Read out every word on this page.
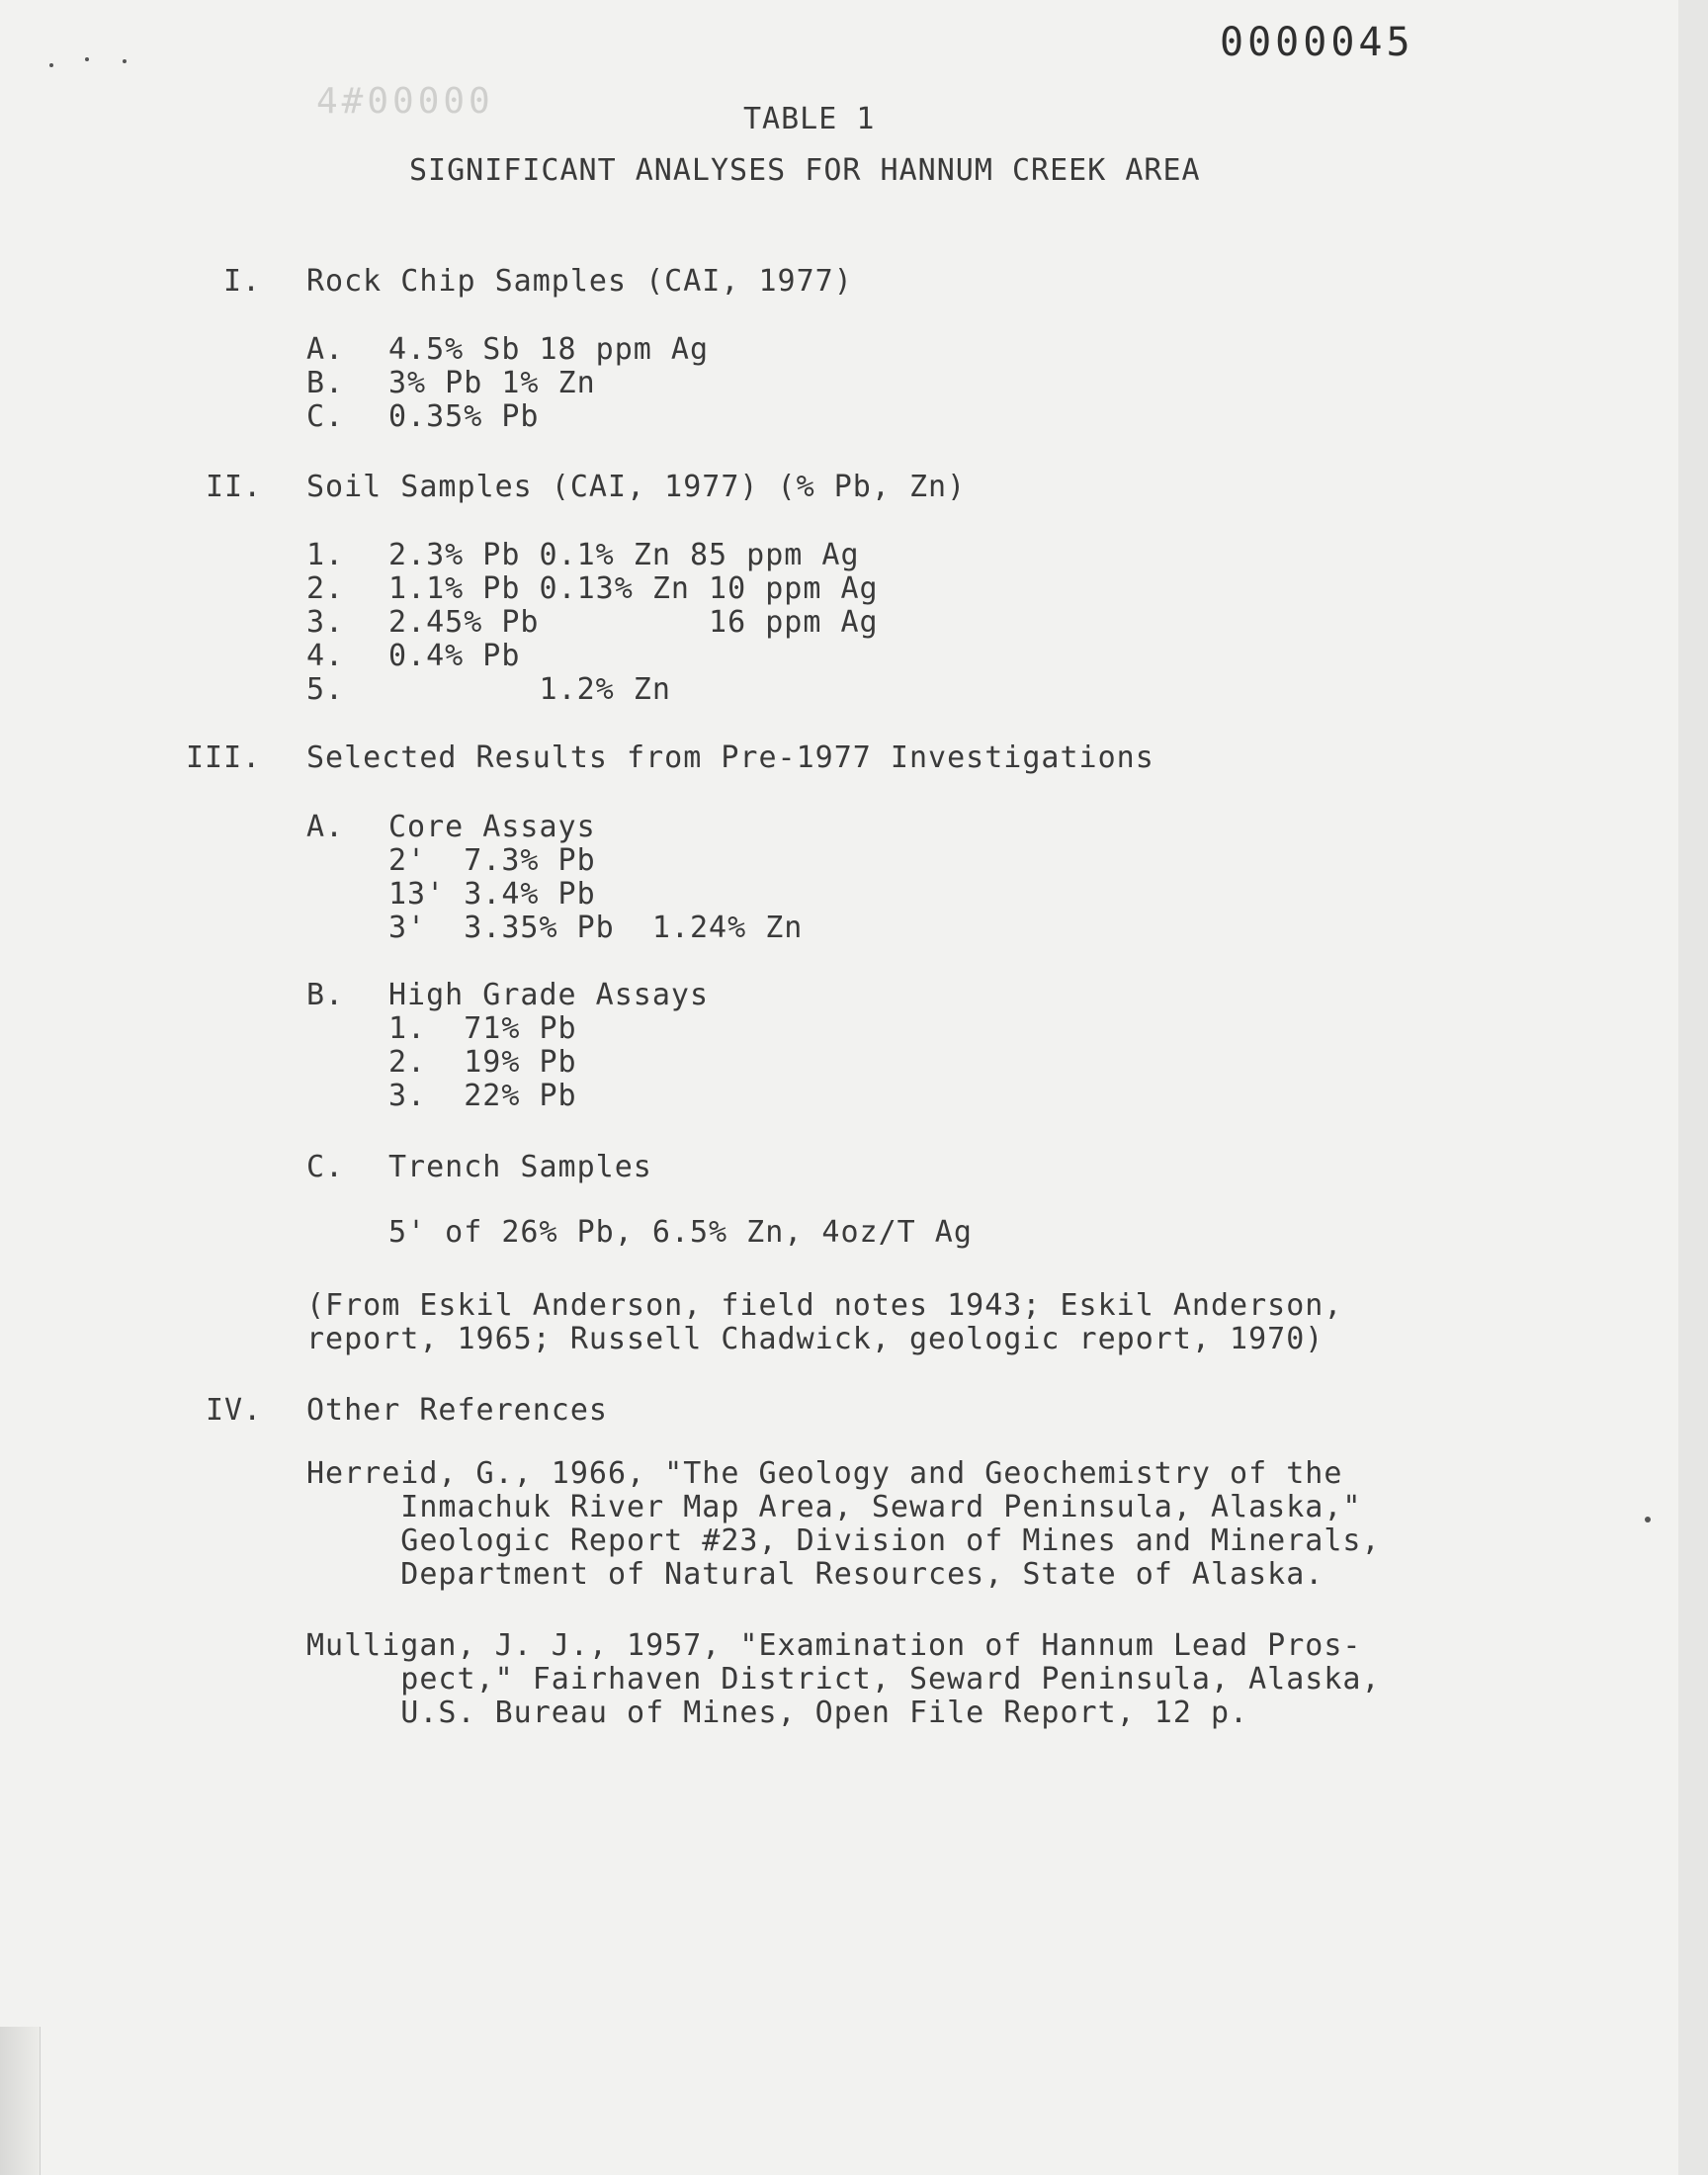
0000045
4#00000	TABLE 1
SIGNIFICANT ANALYSES FOR HANNUM CREEK AREA
I. Rock Chip Samples (CAI, 1977)
A. 4.5% Sb 18 ppm Ag
B. 3% Pb 1% Zn
C. 0.35% Pb
II. Soil Samples (CAI, 1977) (% Pb, Zn)
1. 2.3% Pb 0.1% Zn 85 ppm Ag
2. 1.1% Pb 0.13% Zn 10 ppm Ag
3. 2.45% Pb         16 ppm Ag
4. 0.4% Pb
5. 1.2% Zn
III. Selected Results from Pre-1977 Investigations
A. Core Assays
2'  7.3% Pb
13' 3.4% Pb
3'  3.35% Pb  1.24% Zn
B. High Grade Assays
1.  71% Pb
2.  19% Pb
3.  22% Pb
C. Trench Samples
5' of 26% Pb, 6.5% Zn, 4oz/T Ag
(From Eskil Anderson, field notes 1943; Eskil Anderson,
report, 1965; Russell Chadwick, geologic report, 1970)
IV. Other References
Herreid, G., 1966, "The Geology and Geochemistry of the
Inmachuk River Map Area, Seward Peninsula, Alaska,"
Geologic Report #23, Division of Mines and Minerals,
Department of Natural Resources, State of Alaska.
Mulligan, J. J., 1957, "Examination of Hannum Lead Pros-
pect," Fairhaven District, Seward Peninsula, Alaska,
U.S. Bureau of Mines, Open File Report, 12 p.
